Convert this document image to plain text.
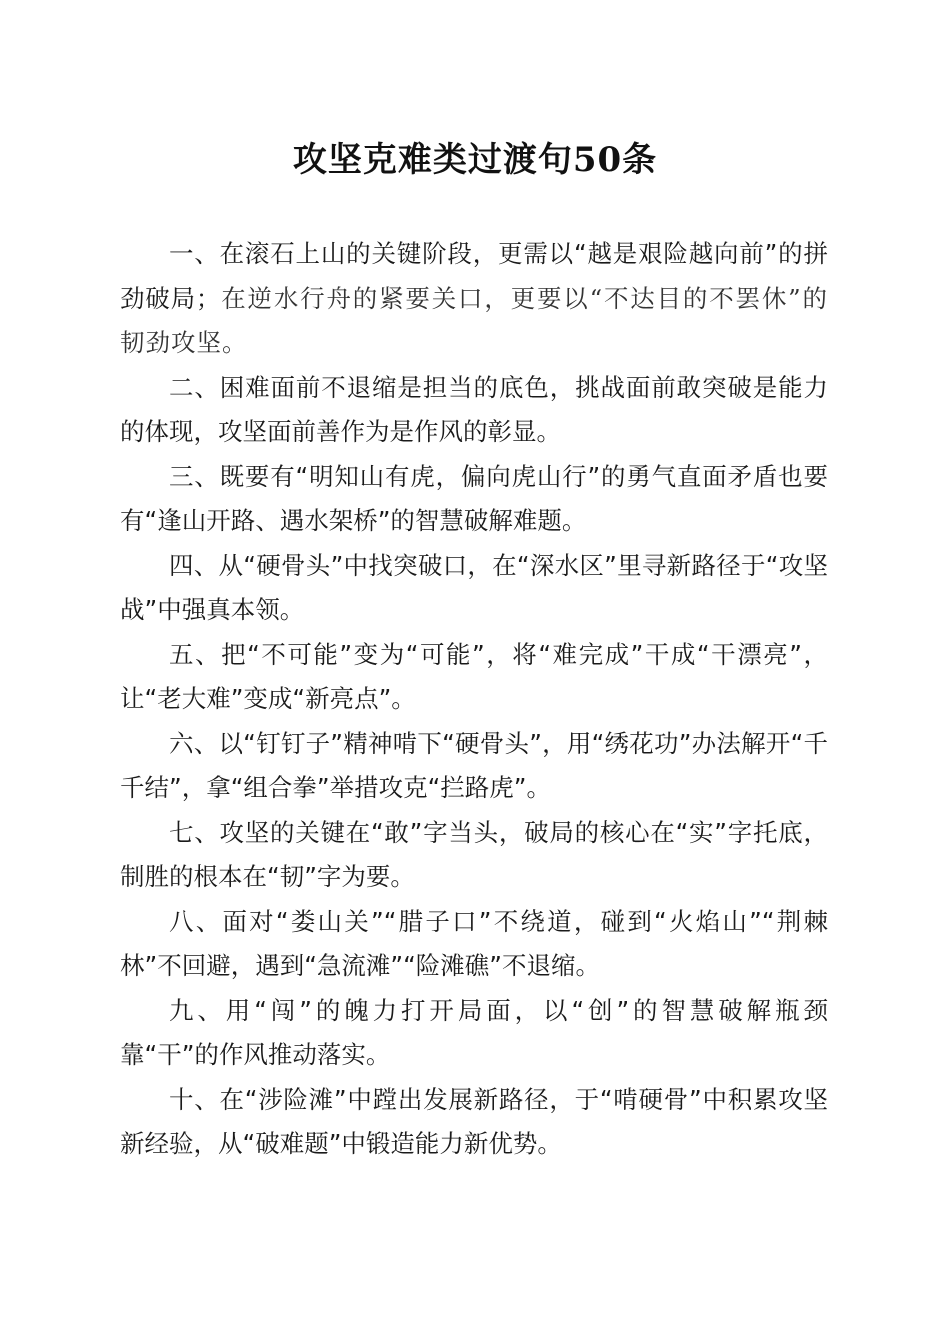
攻坚克难类过渡句50条

一、在滚石上山的关键阶段，更需以“越是艰险越向前”的拼劲破局；在逆水行舟的紧要关口，更要以“不达目的不罢休”的韧劲攻坚。

二、困难面前不退缩是担当的底色，挑战面前敢突破是能力的体现，攻坚面前善作为是作风的彰显。

三、既要有“明知山有虎，偏向虎山行”的勇气直面矛盾也要有“逢山开路、遇水架桥”的智慧破解难题。

四、从“硬骨头”中找突破口，在“深水区”里寻新路径于“攻坚战”中强真本领。

五、把“不可能”变为“可能”，将“难完成”干成“干漂亮”，让“老大难”变成“新亮点”。

六、以“钉钉子”精神啃下“硬骨头”，用“绣花功”办法解开“千千结”，拿“组合拳”举措攻克“拦路虎”。

七、攻坚的关键在“敢”字当头，破局的核心在“实”字托底，制胜的根本在“韧”字为要。

八、面对“娄山关”“腊子口”不绕道，碰到“火焰山”“荆棘林”不回避，遇到“急流滩”“险滩礁”不退缩。

九、用“闯”的魄力打开局面，以“创”的智慧破解瓶颈靠“干”的作风推动落实。

十、在“涉险滩”中蹚出发展新路径，于“啃硬骨”中积累攻坚新经验，从“破难题”中锻造能力新优势。
